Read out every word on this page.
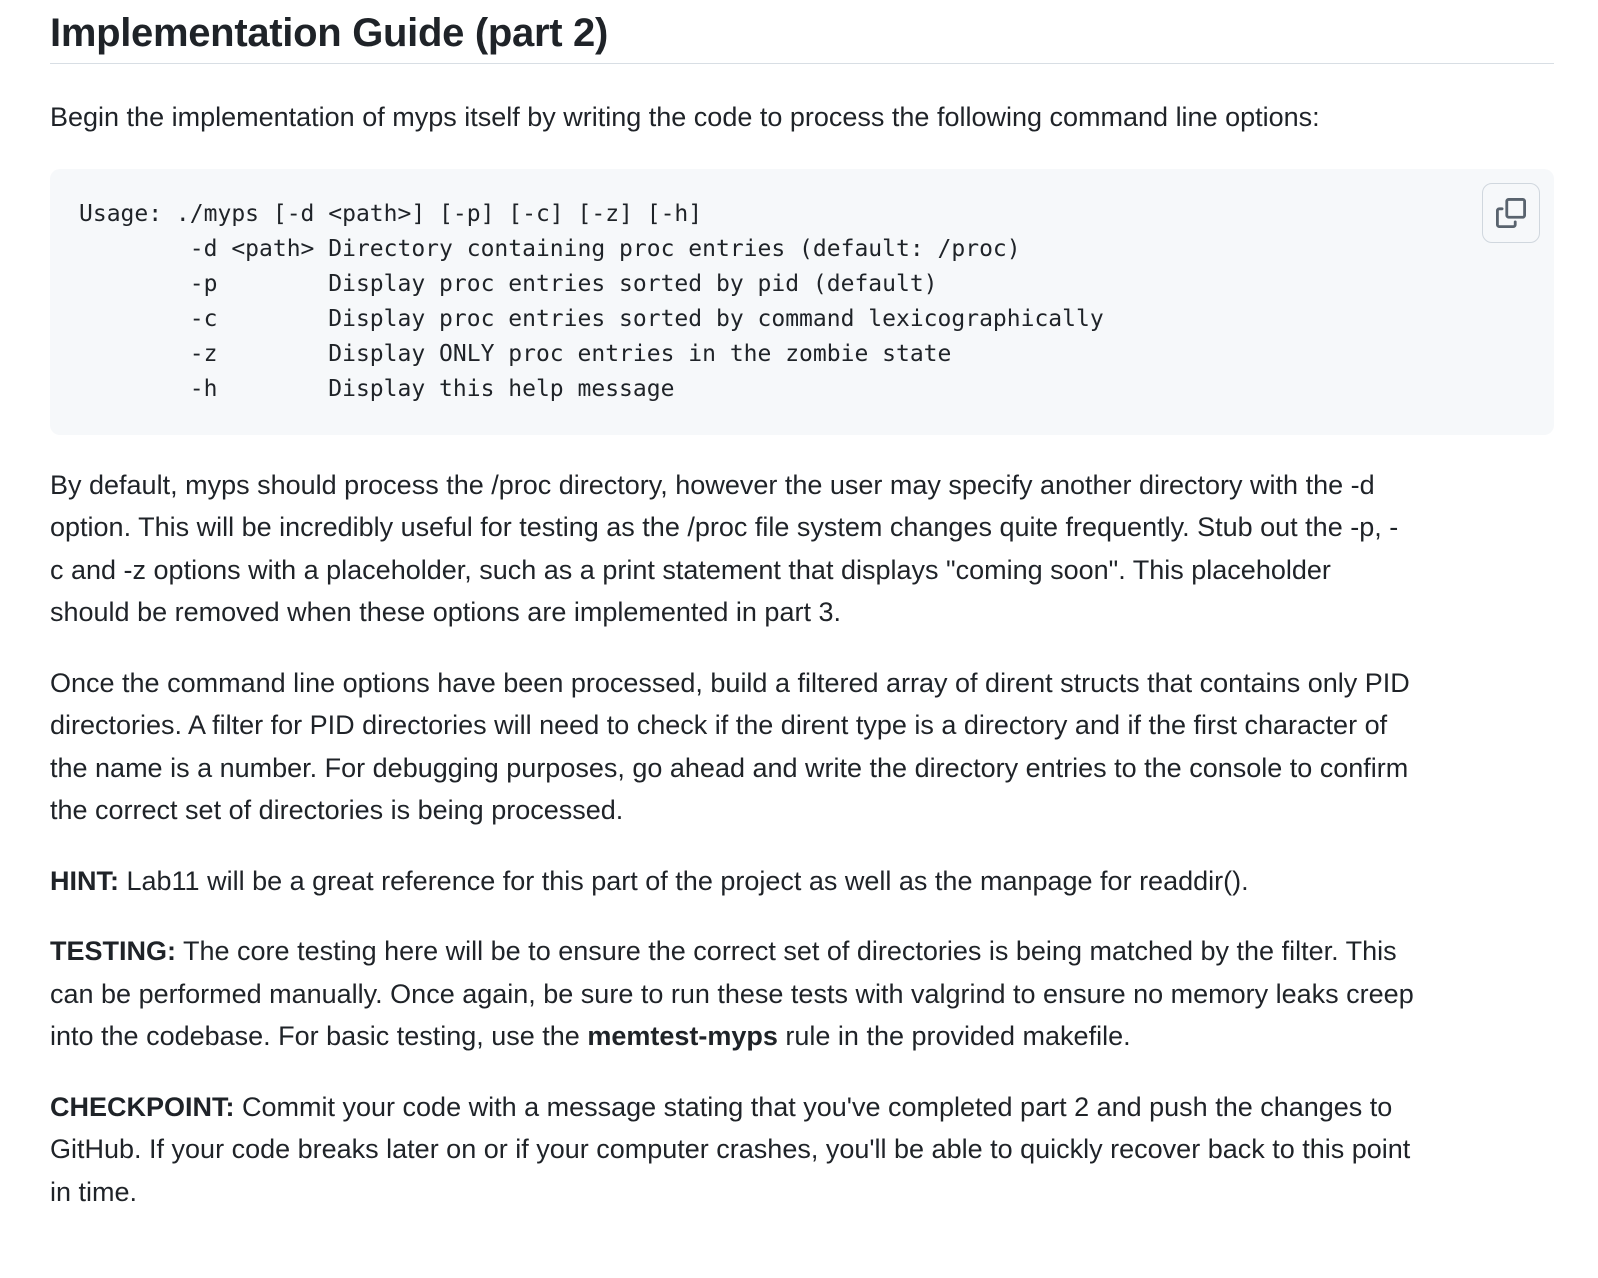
Implementation Guide (part 2)

Begin the implementation of myps itself by writing the code to process the following command line options:

Usage: ./myps [-d <path>] [-p] [-c] [-z] [-h]
-d <path> Directory containing proc entries (default: /proc)
-p        Display proc entries sorted by pid (default)
-c        Display proc entries sorted by command lexicographically
-z        Display ONLY proc entries in the zombie state
-h        Display this help message

By default, myps should process the /proc directory, however the user may specify another directory with the -d
option. This will be incredibly useful for testing as the /proc file system changes quite frequently. Stub out the -p, -
c and -z options with a placeholder, such as a print statement that displays "coming soon". This placeholder
should be removed when these options are implemented in part 3.

Once the command line options have been processed, build a filtered array of dirent structs that contains only PID
directories. A filter for PID directories will need to check if the dirent type is a directory and if the first character of
the name is a number. For debugging purposes, go ahead and write the directory entries to the console to confirm
the correct set of directories is being processed.

HINT: Lab11 will be a great reference for this part of the project as well as the manpage for readdir().

TESTING: The core testing here will be to ensure the correct set of directories is being matched by the filter. This
can be performed manually. Once again, be sure to run these tests with valgrind to ensure no memory leaks creep
into the codebase. For basic testing, use the memtest-myps rule in the provided makefile.

CHECKPOINT: Commit your code with a message stating that you've completed part 2 and push the changes to
GitHub. If your code breaks later on or if your computer crashes, you'll be able to quickly recover back to this point
in time.
